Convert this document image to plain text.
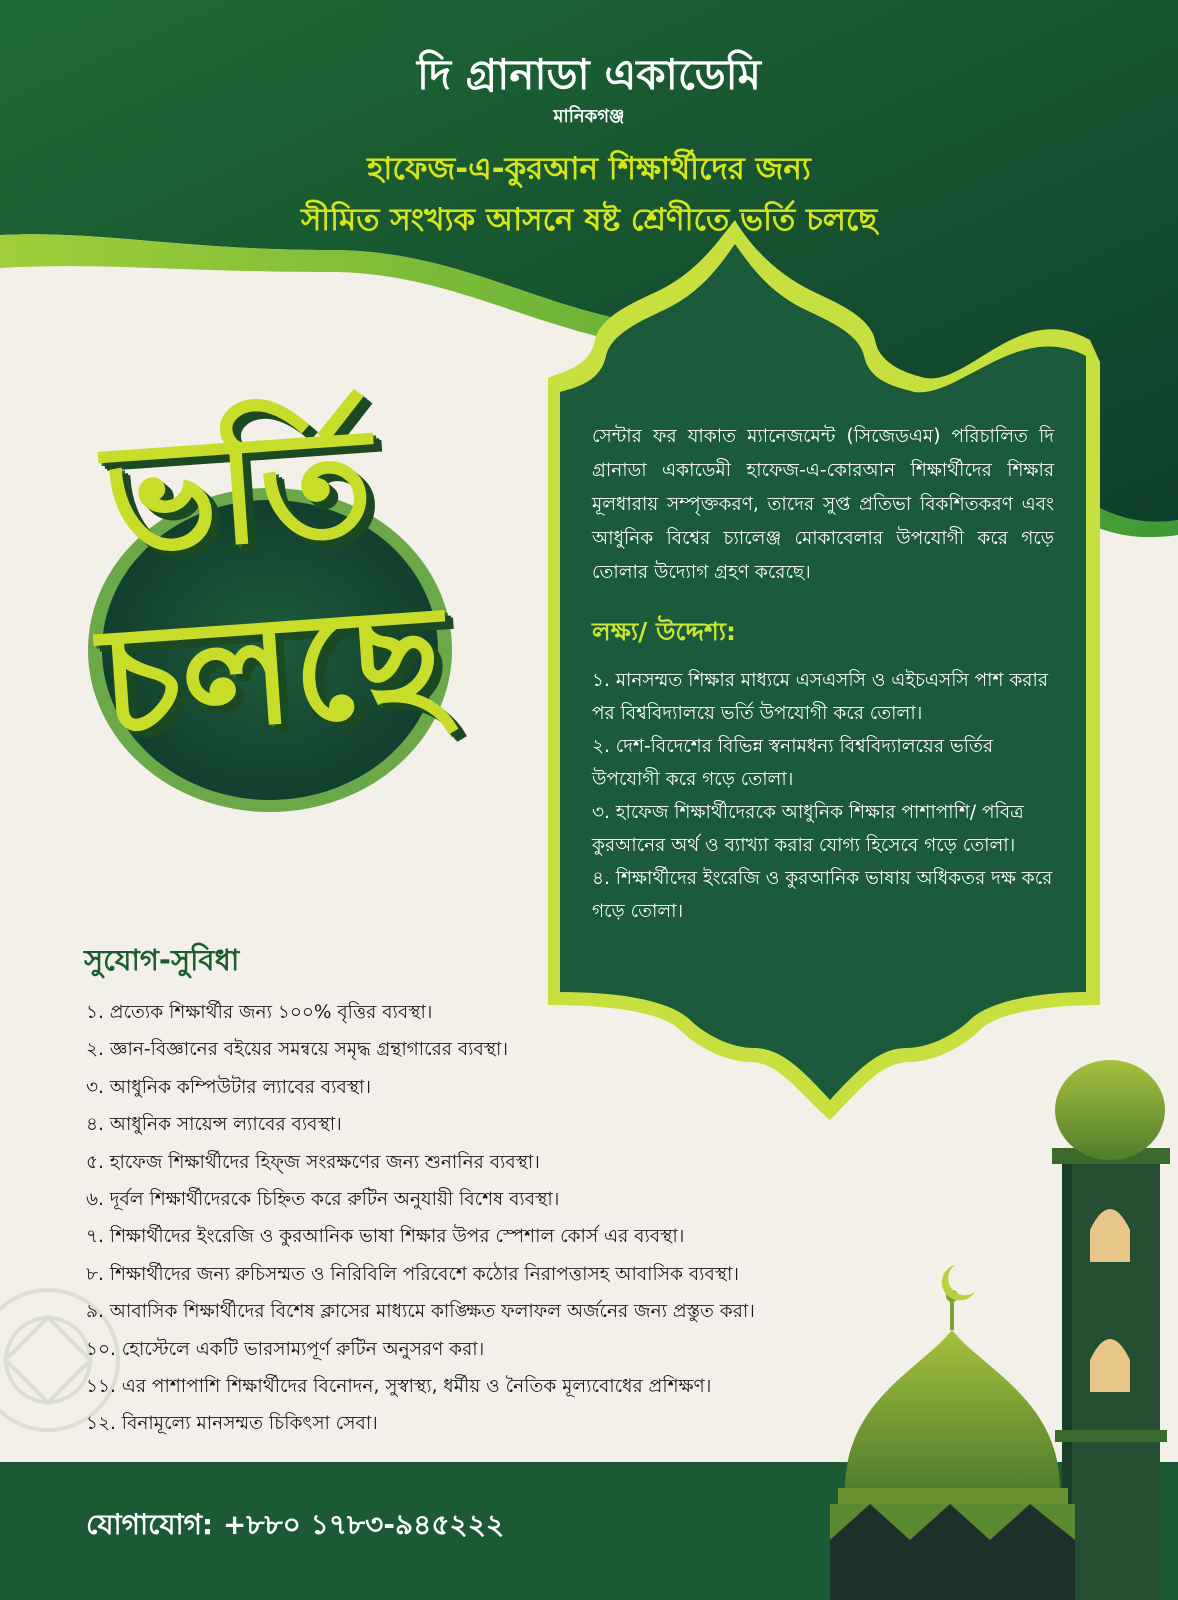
দি গ্রানাডা একাডেমি
মানিকগঞ্জ
হাফেজ-এ-কুরআন শিক্ষার্থীদের জন্য
সীমিত সংখ্যক আসনে ষষ্ট শ্রেণীতে ভর্তি চলছে
ভর্তি
চলছে
সেন্টার ফর যাকাত ম্যানেজমেন্ট (সিজেডএম) পরিচালিত দি গ্রানাডা একাডেমী হাফেজ-এ-কোরআন শিক্ষার্থীদের শিক্ষার মূলধারায় সম্পৃক্তকরণ, তাদের সুপ্ত প্রতিভা বিকশিতকরণ এবং আধুনিক বিশ্বের চ্যালেঞ্জ মোকাবেলার উপযোগী করে গড়ে তোলার উদ্যোগ গ্রহণ করেছে।
লক্ষ্য/ উদ্দেশ্য:
১. মানসম্মত শিক্ষার মাধ্যমে এসএসসি ও এইচএসসি পাশ করার পর বিশ্ববিদ্যালয়ে ভর্তি উপযোগী করে তোলা।
২. দেশ-বিদেশের বিভিন্ন স্বনামধন্য বিশ্ববিদ্যালয়ের ভর্তির উপযোগী করে গড়ে তোলা।
৩. হাফেজ শিক্ষার্থীদেরকে আধুনিক শিক্ষার পাশাপাশি/ পবিত্র কুরআনের অর্থ ও ব্যাখ্যা করার যোগ্য হিসেবে গড়ে তোলা।
৪. শিক্ষার্থীদের ইংরেজি ও কুরআনিক ভাষায় অধিকতর দক্ষ করে গড়ে তোলা।
সুযোগ-সুবিধা
১. প্রত্যেক শিক্ষার্থীর জন্য ১০০% বৃত্তির ব্যবস্থা।
২. জ্ঞান-বিজ্ঞানের বইয়ের সমন্বয়ে সমৃদ্ধ গ্রন্থাগারের ব্যবস্থা।
৩. আধুনিক কম্পিউটার ল্যাবের ব্যবস্থা।
৪. আধুনিক সায়েন্স ল্যাবের ব্যবস্থা।
৫. হাফেজ শিক্ষার্থীদের হিফ্জ সংরক্ষণের জন্য শুনানির ব্যবস্থা।
৬. দূর্বল শিক্ষার্থীদেরকে চিহ্নিত করে রুটিন অনুযায়ী বিশেষ ব্যবস্থা।
৭. শিক্ষার্থীদের ইংরেজি ও কুরআনিক ভাষা শিক্ষার উপর স্পেশাল কোর্স এর ব্যবস্থা।
৮. শিক্ষার্থীদের জন্য রুচিসম্মত ও নিরিবিলি পরিবেশে কঠোর নিরাপত্তাসহ আবাসিক ব্যবস্থা।
৯. আবাসিক শিক্ষার্থীদের বিশেষ ক্লাসের মাধ্যমে কাঙ্ক্ষিত ফলাফল অর্জনের জন্য প্রস্তুত করা।
১০. হোস্টেলে একটি ভারসাম্যপূর্ণ রুটিন অনুসরণ করা।
১১. এর পাশাপাশি শিক্ষার্থীদের বিনোদন, সুস্বাস্থ্য, ধর্মীয় ও নৈতিক মূল্যবোধের প্রশিক্ষণ।
১২. বিনামূল্যে মানসম্মত চিকিৎসা সেবা।
যোগাযোগ: +৮৮০ ১৭৮৩-৯৪৫২২২
